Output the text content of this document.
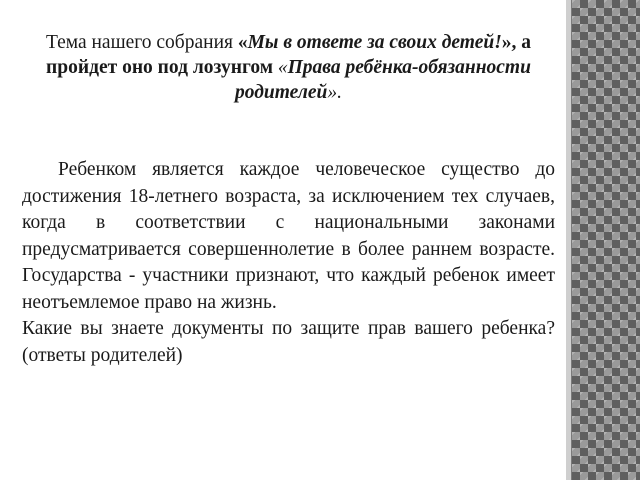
Тема нашего собрания «Мы в ответе за своих детей!», а пройдет оно под лозунгом «Права ребёнка-обязанности родителей».

Ребенком является каждое человеческое существо до достижения 18-летнего возраста, за исключением тех случаев, когда в соответствии с национальными законами предусматривается совершеннолетие в более раннем возрасте. Государства - участники признают, что каждый ребенок имеет неотъемлемое право на жизнь.
Какие вы знаете документы по защите прав вашего ребенка? (ответы родителей)
